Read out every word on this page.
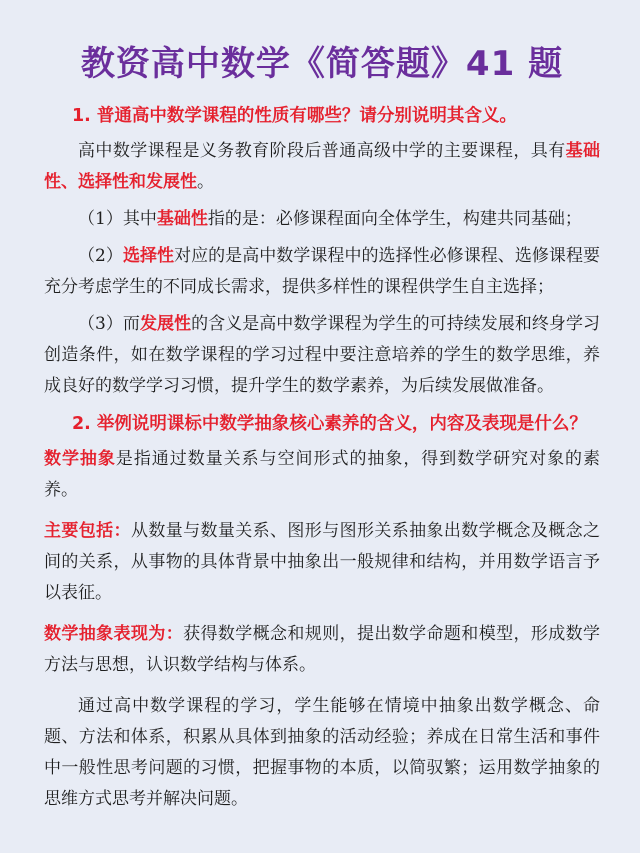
教资高中数学《简答题》41 题
1. 普通高中数学课程的性质有哪些？请分别说明其含义。

高中数学课程是义务教育阶段后普通高级中学的主要课程，具有基础性、选择性和发展性。

（1）其中基础性指的是：必修课程面向全体学生，构建共同基础；

（2）选择性对应的是高中数学课程中的选择性必修课程、选修课程要充分考虑学生的不同成长需求，提供多样性的课程供学生自主选择；

（3）而发展性的含义是高中数学课程为学生的可持续发展和终身学习创造条件，如在数学课程的学习过程中要注意培养的学生的数学思维，养成良好的数学学习习惯，提升学生的数学素养，为后续发展做准备。

2. 举例说明课标中数学抽象核心素养的含义，内容及表现是什么？

数学抽象是指通过数量关系与空间形式的抽象，得到数学研究对象的素养。

主要包括：从数量与数量关系、图形与图形关系抽象出数学概念及概念之间的关系，从事物的具体背景中抽象出一般规律和结构，并用数学语言予以表征。

数学抽象表现为：获得数学概念和规则，提出数学命题和模型，形成数学方法与思想，认识数学结构与体系。

通过高中数学课程的学习，学生能够在情境中抽象出数学概念、命题、方法和体系，积累从具体到抽象的活动经验；养成在日常生活和事件中一般性思考问题的习惯，把握事物的本质，以简驭繁；运用数学抽象的思维方式思考并解决问题。
